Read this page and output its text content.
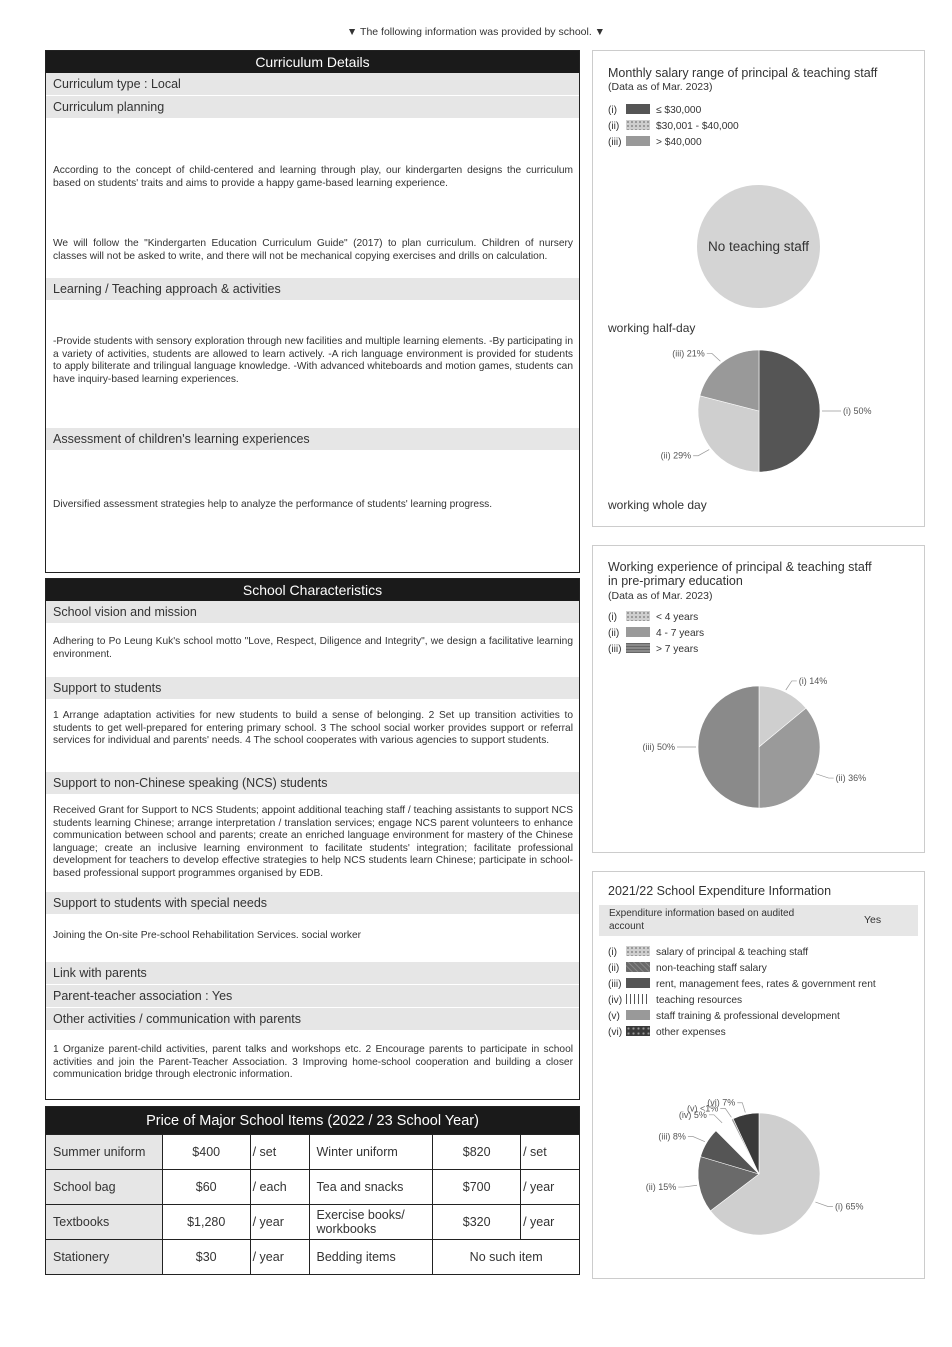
▼ The following information was provided by school. ▼
Curriculum Details
Curriculum type : Local
Curriculum planning
According to the concept of child-centered and learning through play, our kindergarten designs the curriculum based on students' traits and aims to provide a happy game-based learning experience.
We will follow the "Kindergarten Education Curriculum Guide" (2017) to plan curriculum. Children of nursery classes will not be asked to write, and there will not be mechanical copying exercises and drills on calculation.
Learning / Teaching approach & activities
-Provide students with sensory exploration through new facilities and multiple learning elements. -By participating in a variety of activities, students are allowed to learn actively. -A rich language environment is provided for students to apply biliterate and trilingual language knowledge. -With advanced whiteboards and motion games, students can have inquiry-based learning experiences.
Assessment of children's learning experiences
Diversified assessment strategies help to analyze the performance of students' learning progress.
School Characteristics
School vision and mission
Adhering to Po Leung Kuk's school motto "Love, Respect, Diligence and Integrity", we design a facilitative learning environment.
Support to students
1 Arrange adaptation activities for new students to build a sense of belonging. 2 Set up transition activities to students to get well-prepared for entering primary school. 3 The school social worker provides support or referral services for individual and parents' needs. 4 The school cooperates with various agencies to support students.
Support to non-Chinese speaking (NCS) students
Received Grant for Support to NCS Students; appoint additional teaching staff / teaching assistants to support NCS students learning Chinese; arrange interpretation / translation services; engage NCS parent volunteers to enhance communication between school and parents; create an enriched language environment for mastery of the Chinese language; create an inclusive learning environment to facilitate students' integration; facilitate professional development for teachers to develop effective strategies to help NCS students learn Chinese; participate in school-based professional support programmes organised by EDB.
Support to students with special needs
Joining the On-site Pre-school Rehabilitation Services. social worker
Link with parents
Parent-teacher association : Yes
Other activities / communication with parents
1 Organize parent-child activities, parent talks and workshops etc. 2 Encourage parents to participate in school activities and join the Parent-Teacher Association. 3 Improving home-school cooperation and building a closer communication bridge through electronic information.
Price of Major School Items (2022 / 23 School Year)
Summer uniform	$400	/ set	Winter uniform	$820	/ set
School bag	$60	/ each	Tea and snacks	$700	/ year
Textbooks	$1,280	/ year	Exercise books/ workbooks	$320	/ year
Stationery	$30	/ year	Bedding items	No such item	
Monthly salary range of principal & teaching staff
(Data as of Mar. 2023)
(i)	≤ $30,000
(ii)	$30,001 - $40,000
(iii)	> $40,000
No teaching staff
working half-day
(i) 50%
(ii) 29%
(iii) 21%
working whole day
Working experience of principal & teaching staff
in pre-primary education
(Data as of Mar. 2023)
(i)	< 4 years
(ii)	4 - 7 years
(iii)	> 7 years
(i) 14%
(ii) 36%
(iii) 50%
2021/22 School Expenditure Information
Expenditure information based on audited account	Yes
(i)	salary of principal & teaching staff
(ii)	non-teaching staff salary
(iii)	rent, management fees, rates & government rent
(iv)	teaching resources
(v)	staff training & professional development
(vi)	other expenses
(i) 65%
(ii) 15%
(iii) 8%
(iv) 5%
(v) <1%
(vi) 7%
